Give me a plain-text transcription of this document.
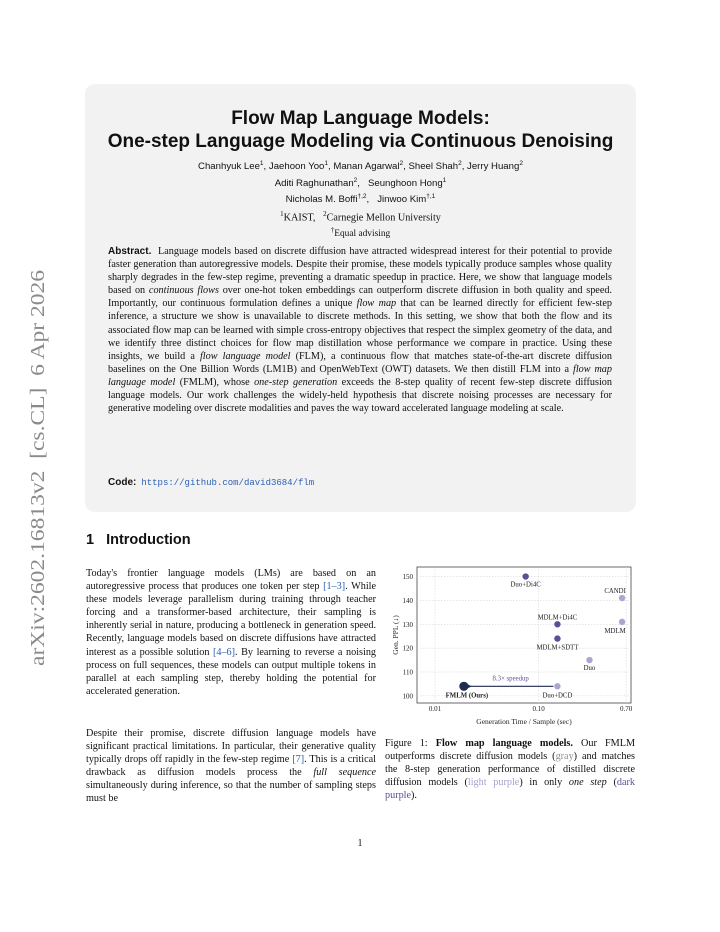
arXiv:2602.16813v2  [cs.CL]  6 Apr 2026
Flow Map Language Models:
One-step Language Modeling via Continuous Denoising
Chanhyuk Lee$^1$, Jaehoon Yoo$^1$, Manan Agarwal$^2$, Sheel Shah$^2$, Jerry Huang$^2$
Aditi Raghunathan$^2$,   Seunghoon Hong$^1$
Nicholas M. Boffi$^{\dagger,2}$,   Jinwoo Kim$^{\dagger,1}$
$^1$KAIST,   $^2$Carnegie Mellon University
†Equal advising
Abstract. Language models based on discrete diffusion have attracted widespread interest for their potential to provide faster generation than autoregressive models. Despite their promise, these models typically produce samples whose quality sharply degrades in the few-step regime, preventing a dramatic speedup in practice. Here, we show that language models based on continuous flows over one-hot token embeddings can outperform discrete diffusion in both quality and speed. Importantly, our continuous formulation defines a unique flow map that can be learned directly for efficient few-step inference, a structure we show is unavailable to discrete methods. In this setting, we show that both the flow and its associated flow map can be learned with simple cross-entropy objectives that respect the simplex geometry of the data, and we identify three distinct choices for flow map distillation whose performance we compare in practice. Using these insights, we build a flow language model (FLM), a continuous flow that matches state-of-the-art discrete diffusion baselines on the One Billion Words (LM1B) and OpenWebText (OWT) datasets. We then distill FLM into a flow map language model (FMLM), whose one-step generation exceeds the 8-step quality of recent few-step discrete diffusion language models. Our work challenges the widely-held hypothesis that discrete noising processes are necessary for generative modeling over discrete modalities and paves the way toward accelerated language modeling at scale.
Code: https://github.com/david3684/flm
1 Introduction
Today's frontier language models (LMs) are based on an autoregressive process that produces one token per step [1–3]. While these models leverage parallelism during training through teacher forcing and a transformer-based architecture, their sampling is inherently serial in nature, producing a bottleneck in generation speed. Recently, language models based on discrete diffusions have attracted interest as a possible solution [4–6]. By learning to reverse a noising process on full sequences, these models can output multiple tokens in parallel at each sampling step, thereby holding the potential for accelerated generation.
Despite their promise, discrete diffusion language models have significant practical limitations. In particular, their generative quality typically drops off rapidly in the few-step regime [7]. This is a critical drawback as diffusion models process the full sequence simultaneously during inference, so that the number of sampling steps must be
100
110
120
130
140
150
0.01	0.10	0.70
Generation Time / Sample (sec)
Gen. PPL (↓)
8.3× speedup
Duo+Di4C
MDLM+Di4C
MDLM+SDTT
Duo+DCD
CANDI
MDLM
Duo
FMLM (Ours)
Figure 1: Flow map language models. Our FMLM outperforms discrete diffusion models (gray) and matches the 8-step generation performance of distilled discrete diffusion models (light purple) in only one step (dark purple).
1
